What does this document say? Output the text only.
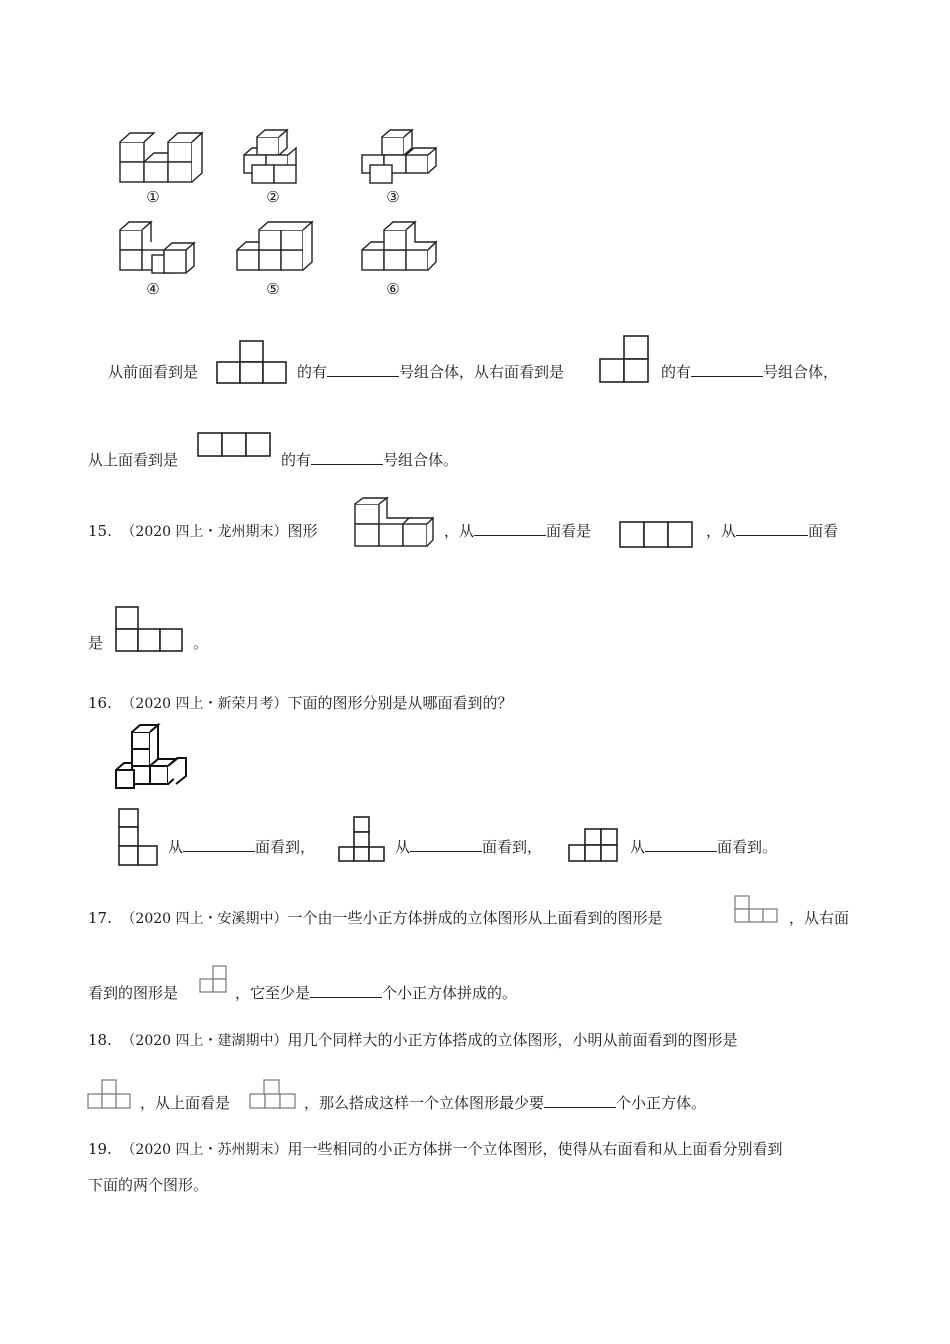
①	②	③
④	⑤	⑥
从前面看到是	的有	号组合体，从右面看到是	的有	号组合体，
从上面看到是	的有	号组合体。
15. （2020 四上・龙州期末）图形	，从	面看是	，从	面看
是	。
16. （2020 四上・新荣月考）下面的图形分别是从哪面看到的？
从	面看到，	从	面看到，	从	面看到。
17. （2020 四上・安溪期中）一个由一些小正方体拼成的立体图形从上面看到的图形是	，从右面
看到的图形是	，它至少是	个小正方体拼成的。
18. （2020 四上・建湖期中）用几个同样大的小正方体搭成的立体图形，小明从前面看到的图形是
，从上面看是	，那么搭成这样一个立体图形最少要	个小正方体。
19. （2020 四上・苏州期末）用一些相同的小正方体拼一个立体图形，使得从右面看和从上面看分别看到
下面的两个图形。
